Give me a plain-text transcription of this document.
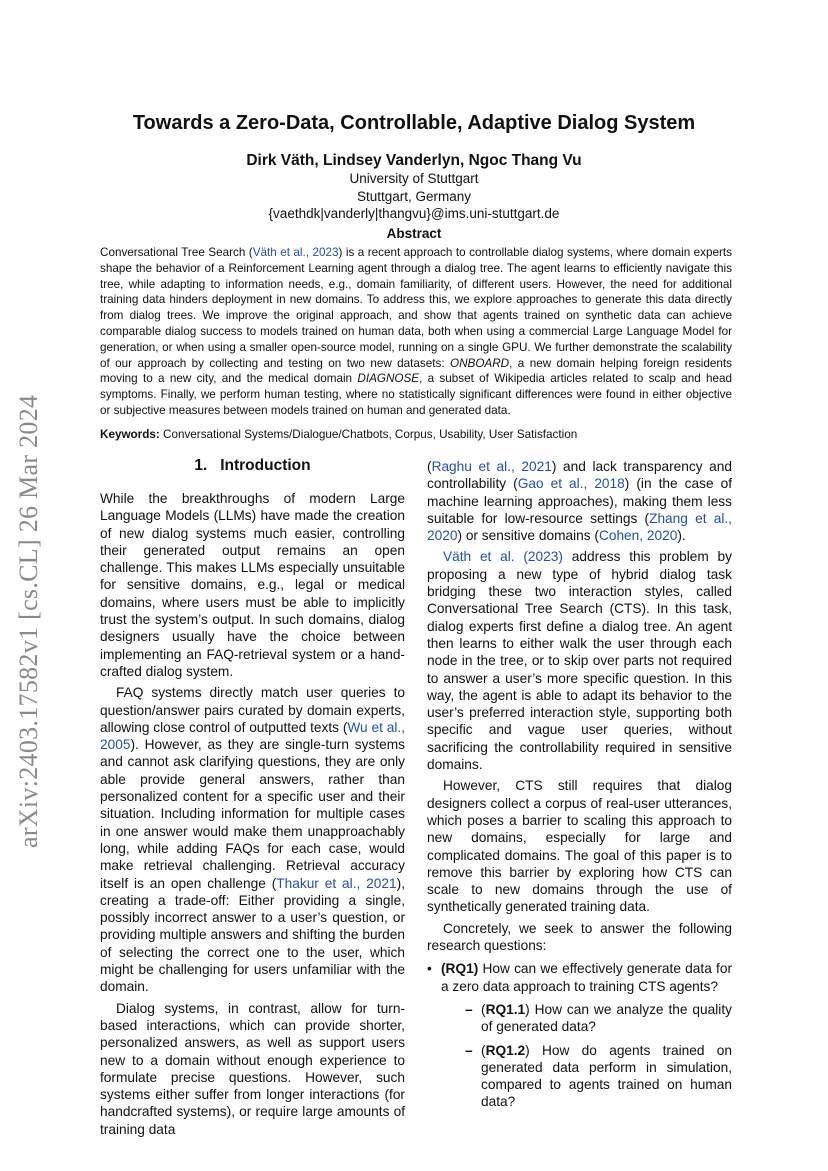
arXiv:2403.17582v1 [cs.CL] 26 Mar 2024
Towards a Zero-Data, Controllable, Adaptive Dialog System
Dirk Väth, Lindsey Vanderlyn, Ngoc Thang Vu
University of Stuttgart
Stuttgart, Germany
{vaethdk|vanderly|thangvu}@ims.uni-stuttgart.de
Abstract
Conversational Tree Search (Väth et al., 2023) is a recent approach to controllable dialog systems, where domain experts shape the behavior of a Reinforcement Learning agent through a dialog tree. The agent learns to efficiently navigate this tree, while adapting to information needs, e.g., domain familiarity, of different users. However, the need for additional training data hinders deployment in new domains. To address this, we explore approaches to generate this data directly from dialog trees. We improve the original approach, and show that agents trained on synthetic data can achieve comparable dialog success to models trained on human data, both when using a commercial Large Language Model for generation, or when using a smaller open-source model, running on a single GPU. We further demonstrate the scalability of our approach by collecting and testing on two new datasets: ONBOARD, a new domain helping foreign residents moving to a new city, and the medical domain DIAGNOSE, a subset of Wikipedia articles related to scalp and head symptoms. Finally, we perform human testing, where no statistically significant differences were found in either objective or subjective measures between models trained on human and generated data.
Keywords: Conversational Systems/Dialogue/Chatbots, Corpus, Usability, User Satisfaction
1. Introduction

While the breakthroughs of modern Large Language Models (LLMs) have made the creation of new dialog systems much easier, controlling their generated output remains an open challenge. This makes LLMs especially unsuitable for sensitive domains, e.g., legal or medical domains, where users must be able to implicitly trust the system’s output. In such domains, dialog designers usually have the choice between implementing an FAQ-retrieval system or a hand-crafted dialog system.

FAQ systems directly match user queries to question/answer pairs curated by domain experts, allowing close control of outputted texts (Wu et al., 2005). However, as they are single-turn systems and cannot ask clarifying questions, they are only able provide general answers, rather than personalized content for a specific user and their situation. Including information for multiple cases in one answer would make them unapproachably long, while adding FAQs for each case, would make retrieval challenging. Retrieval accuracy itself is an open challenge (Thakur et al., 2021), creating a trade-off: Either providing a single, possibly incorrect answer to a user’s question, or providing multiple answers and shifting the burden of selecting the correct one to the user, which might be challenging for users unfamiliar with the domain.

Dialog systems, in contrast, allow for turn-based interactions, which can provide shorter, personalized answers, as well as support users new to a domain without enough experience to formulate precise questions. However, such systems either suffer from longer interactions (for handcrafted systems), or require large amounts of training data

(Raghu et al., 2021) and lack transparency and controllability (Gao et al., 2018) (in the case of machine learning approaches), making them less suitable for low-resource settings (Zhang et al., 2020) or sensitive domains (Cohen, 2020).

Väth et al. (2023) address this problem by proposing a new type of hybrid dialog task bridging these two interaction styles, called Conversational Tree Search (CTS). In this task, dialog experts first define a dialog tree. An agent then learns to either walk the user through each node in the tree, or to skip over parts not required to answer a user’s more specific question. In this way, the agent is able to adapt its behavior to the user’s preferred interaction style, supporting both specific and vague user queries, without sacrificing the controllability required in sensitive domains.

However, CTS still requires that dialog designers collect a corpus of real-user utterances, which poses a barrier to scaling this approach to new domains, especially for large and complicated domains. The goal of this paper is to remove this barrier by exploring how CTS can scale to new domains through the use of synthetically generated training data.

Concretely, we seek to answer the following research questions:

• (RQ1) How can we effectively generate data for a zero data approach to training CTS agents?
– (RQ1.1) How can we analyze the quality of generated data?
– (RQ1.2) How do agents trained on generated data perform in simulation, compared to agents trained on human data?
